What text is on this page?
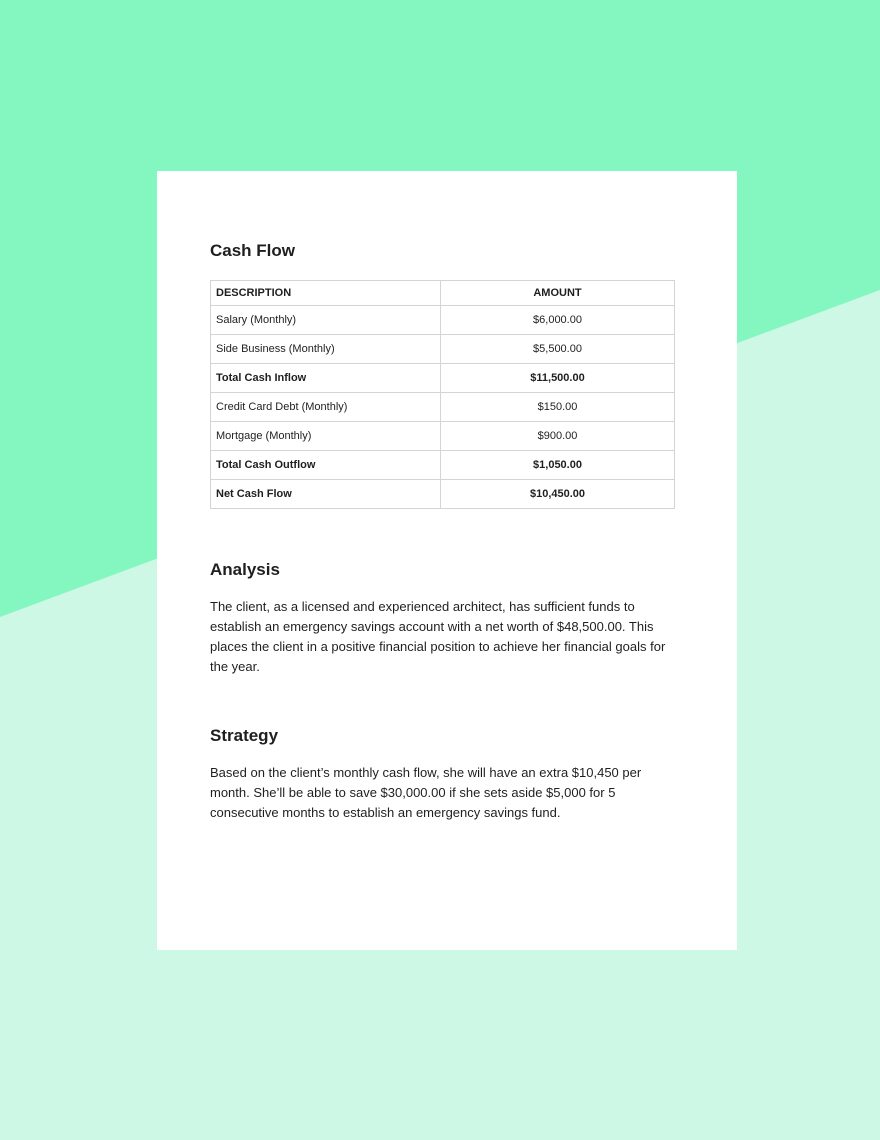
Cash Flow
DESCRIPTION	AMOUNT
Salary (Monthly)	$6,000.00
Side Business (Monthly)	$5,500.00
Total Cash Inflow	$11,500.00
Credit Card Debt (Monthly)	$150.00
Mortgage (Monthly)	$900.00
Total Cash Outflow	$1,050.00
Net Cash Flow	$10,450.00
Analysis

The client, as a licensed and experienced architect, has sufficient funds to establish an emergency savings account with a net worth of $48,500.00. This places the client in a positive financial position to achieve her financial goals for the year.

Strategy

Based on the client’s monthly cash flow, she will have an extra $10,450 per month. She’ll be able to save $30,000.00 if she sets aside $5,000 for 5 consecutive months to establish an emergency savings fund.
